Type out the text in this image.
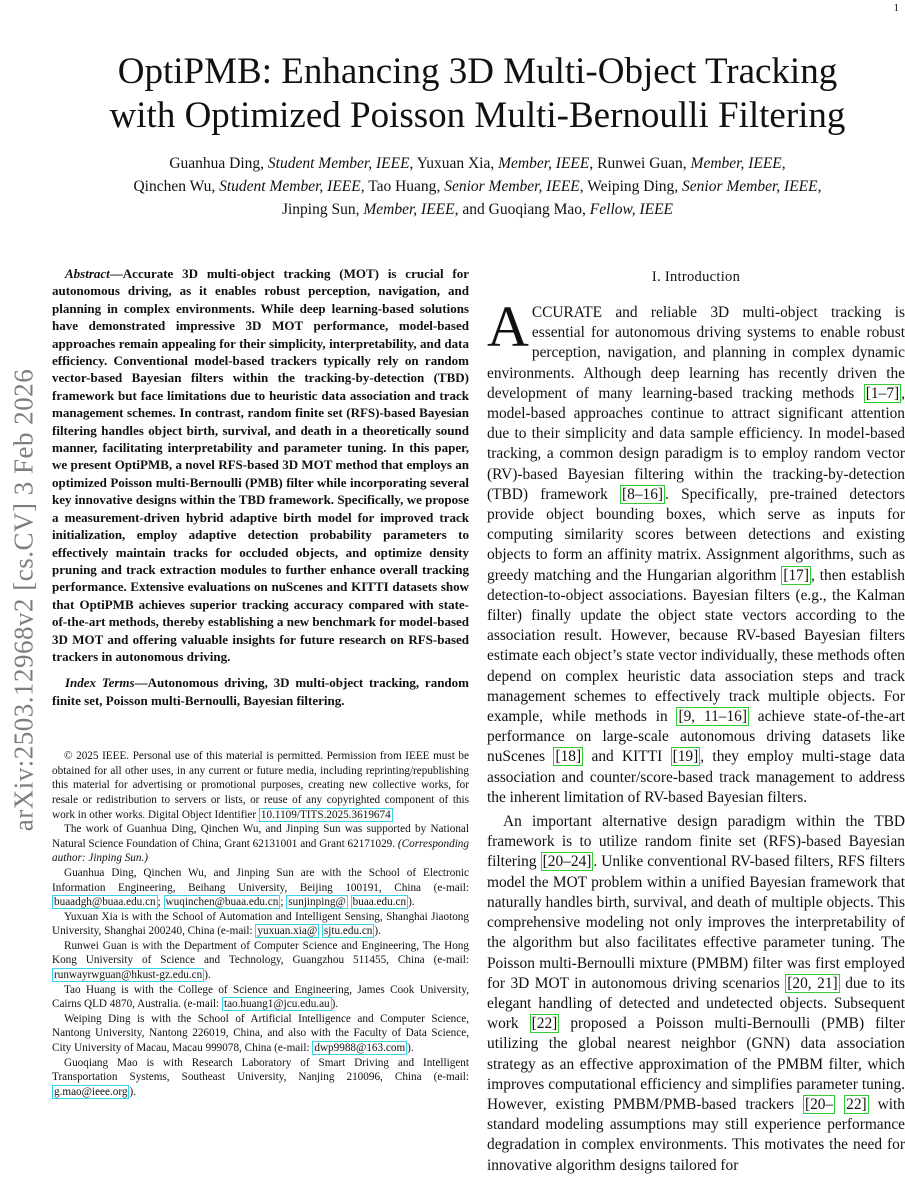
1
arXiv:2503.12968v2 [cs.CV] 3 Feb 2026
OptiPMB: Enhancing 3D Multi-Object Tracking
with Optimized Poisson Multi-Bernoulli Filtering
Guanhua Ding, Student Member, IEEE, Yuxuan Xia, Member, IEEE, Runwei Guan, Member, IEEE,
Qinchen Wu, Student Member, IEEE, Tao Huang, Senior Member, IEEE, Weiping Ding, Senior Member, IEEE,
Jinping Sun, Member, IEEE, and Guoqiang Mao, Fellow, IEEE

Abstract—Accurate 3D multi-object tracking (MOT) is crucial for autonomous driving, as it enables robust perception, navigation, and planning in complex environments. While deep learning-based solutions have demonstrated impressive 3D MOT performance, model-based approaches remain appealing for their simplicity, interpretability, and data efficiency. Conventional model-based trackers typically rely on random vector-based Bayesian filters within the tracking-by-detection (TBD) framework but face limitations due to heuristic data association and track management schemes. In contrast, random finite set (RFS)-based Bayesian filtering handles object birth, survival, and death in a theoretically sound manner, facilitating interpretability and parameter tuning. In this paper, we present OptiPMB, a novel RFS-based 3D MOT method that employs an optimized Poisson multi-Bernoulli (PMB) filter while incorporating several key innovative designs within the TBD framework. Specifically, we propose a measurement-driven hybrid adaptive birth model for improved track initialization, employ adaptive detection probability parameters to effectively maintain tracks for occluded objects, and optimize density pruning and track extraction modules to further enhance overall tracking performance. Extensive evaluations on nuScenes and KITTI datasets show that OptiPMB achieves superior tracking accuracy compared with state-of-the-art methods, thereby establishing a new benchmark for model-based 3D MOT and offering valuable insights for future research on RFS-based trackers in autonomous driving.

Index Terms—Autonomous driving, 3D multi-object tracking, random finite set, Poisson multi-Bernoulli, Bayesian filtering.

© 2025 IEEE. Personal use of this material is permitted. Permission from IEEE must be obtained for all other uses, in any current or future media, including reprinting/republishing this material for advertising or promotional purposes, creating new collective works, for resale or redistribution to servers or lists, or reuse of any copyrighted component of this work in other works. Digital Object Identifier 10.1109/TITS.2025.3619674

The work of Guanhua Ding, Qinchen Wu, and Jinping Sun was supported by National Natural Science Foundation of China, Grant 62131001 and Grant 62171029. (Corresponding author: Jinping Sun.)

Guanhua Ding, Qinchen Wu, and Jinping Sun are with the School of Electronic Information Engineering, Beihang University, Beijing 100191, China (e-mail: buaadgh@buaa.edu.cn ; wuqinchen@buaa.edu.cn ; sunjinping@ buaa.edu.cn ).

Yuxuan Xia is with the School of Automation and Intelligent Sensing, Shanghai Jiaotong University, Shanghai 200240, China (e-mail: yuxuan.xia@ sjtu.edu.cn ).

Runwei Guan is with the Department of Computer Science and Engineering, The Hong Kong University of Science and Technology, Guangzhou 511455, China (e-mail: runwayrwguan@hkust-gz.edu.cn ).

Tao Huang is with the College of Science and Engineering, James Cook University, Cairns QLD 4870, Australia. (e-mail: tao.huang1@jcu.edu.au ).

Weiping Ding is with the School of Artificial Intelligence and Computer Science, Nantong University, Nantong 226019, China, and also with the Faculty of Data Science, City University of Macau, Macau 999078, China (e-mail: dwp9988@163.com ).

Guoqiang Mao is with Research Laboratory of Smart Driving and Intelligent Transportation Systems, Southeast University, Nanjing 210096, China (e-mail: g.mao@ieee.org ).

I. Introduction

ACCURATE and reliable 3D multi-object tracking is essential for autonomous driving systems to enable robust perception, navigation, and planning in complex dynamic environments. Although deep learning has recently driven the development of many learning-based tracking methods [1–7] , model-based approaches continue to attract significant attention due to their simplicity and data sample efficiency. In model-based tracking, a common design paradigm is to employ random vector (RV)-based Bayesian filtering within the tracking-by-detection (TBD) framework [8–16] . Specifically, pre-trained detectors provide object bounding boxes, which serve as inputs for computing similarity scores between detections and existing objects to form an affinity matrix. Assignment algorithms, such as greedy matching and the Hungarian algorithm [17] , then establish detection-to-object associations. Bayesian filters (e.g., the Kalman filter) finally update the object state vectors according to the association result. However, because RV-based Bayesian filters estimate each object’s state vector individually, these methods often depend on complex heuristic data association steps and track management schemes to effectively track multiple objects. For example, while methods in [9, 11–16] achieve state-of-the-art performance on large-scale autonomous driving datasets like nuScenes [18] and KITTI [19] , they employ multi-stage data association and counter/score-based track management to address the inherent limitation of RV-based Bayesian filters.

An important alternative design paradigm within the TBD framework is to utilize random finite set (RFS)-based Bayesian filtering [20–24] . Unlike conventional RV-based filters, RFS filters model the MOT problem within a unified Bayesian framework that naturally handles birth, survival, and death of multiple objects. This comprehensive modeling not only improves the interpretability of the algorithm but also facilitates effective parameter tuning. The Poisson multi-Bernoulli mixture (PMBM) filter was first employed for 3D MOT in autonomous driving scenarios [20, 21] due to its elegant handling of detected and undetected objects. Subsequent work [22] proposed a Poisson multi-Bernoulli (PMB) filter utilizing the global nearest neighbor (GNN) data association strategy as an effective approximation of the PMBM filter, which improves computational efficiency and simplifies parameter tuning. However, existing PMBM/PMB-based trackers [20– 22] with standard modeling assumptions may still experience performance degradation in complex environments. This motivates the need for innovative algorithm designs tailored for
